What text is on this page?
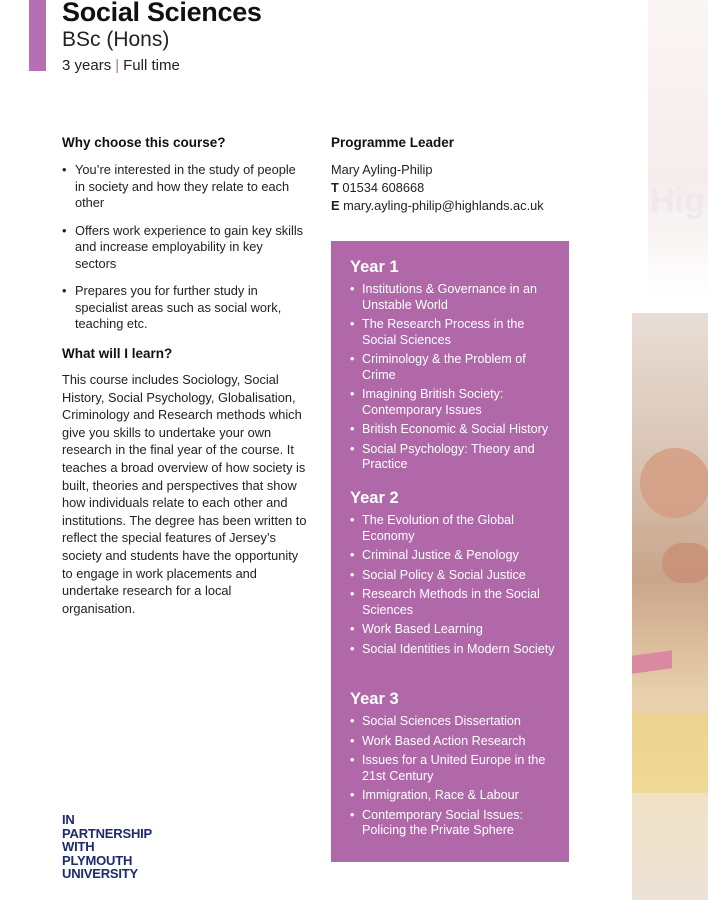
Social Sciences
BSc (Hons)
3 years | Full time
Hig
Why choose this course?
• You’re interested in the study of people in society and how they relate to each other
• Offers work experience to gain key skills and increase employability in key sectors
• Prepares you for further study in specialist areas such as social work, teaching etc.
What will I learn?

This course includes Sociology, Social History, Social Psychology, Globalisation, Criminology and Research methods which give you skills to undertake your own research in the final year of the course. It teaches a broad overview of how society is built, theories and perspectives that show how individuals relate to each other and institutions. The degree has been written to reflect the special features of Jersey’s society and students have the opportunity to engage in work placements and undertake research for a local organisation.

Programme Leader
Mary Ayling-Philip
T 01534 608668
E mary.ayling-philip@highlands.ac.uk
Year 1
• Institutions & Governance in an Unstable World
• The Research Process in the Social Sciences
• Criminology & the Problem of Crime
• Imagining British Society: Contemporary Issues
• British Economic & Social History
• Social Psychology: Theory and Practice
Year 2
• The Evolution of the Global Economy
• Criminal Justice & Penology
• Social Policy & Social Justice
• Research Methods in the Social Sciences
• Work Based Learning
• Social Identities in Modern Society
Year 3
• Social Sciences Dissertation
• Work Based Action Research
• Issues for a United Europe in the 21st Century
• Immigration, Race & Labour
• Contemporary Social Issues: Policing the Private Sphere
IN
PARTNERSHIP
WITH
PLYMOUTH
UNIVERSITY
